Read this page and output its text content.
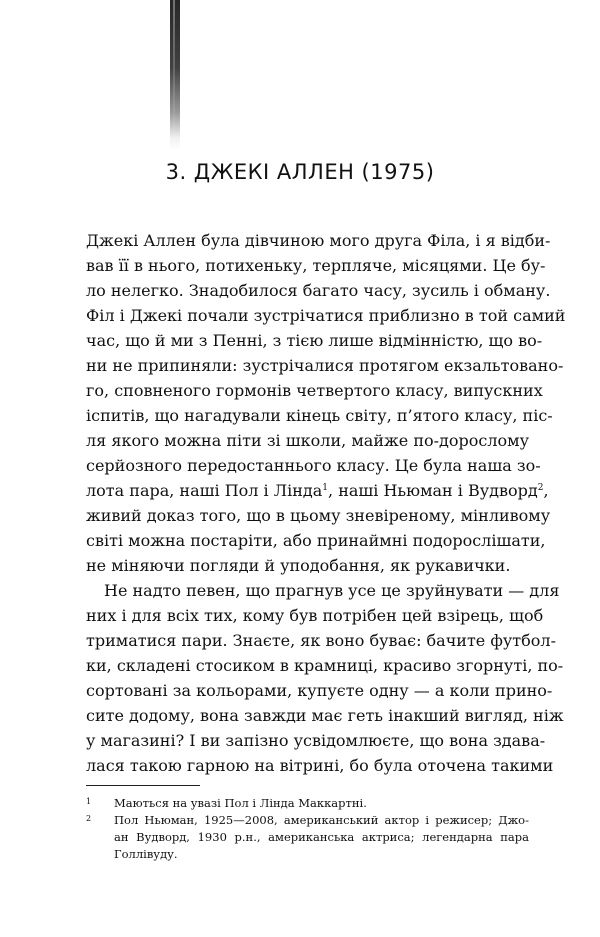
3. ДЖЕКІ АЛЛЕН (1975)
Джекі Аллен була дівчиною мого друга Філа, і я відби-
вав її в нього, потихеньку, терпляче, місяцями. Це бу-
ло нелегко. Знадобилося багато часу, зусиль і обману.
Філ і Джекі почали зустрічатися приблизно в той самий
час, що й ми з Пенні, з тією лише відмінністю, що во-
ни не припиняли: зустрічалися протягом екзальтовано-
го, сповненого гормонів четвертого класу, випускних
іспитів, що нагадували кінець світу, п’ятого класу, піс-
ля якого можна піти зі школи, майже по-дорослому
серйозного передостаннього класу. Це була наша зо-
лота пара, наші Пол і Лінда$^1$, наші Ньюман і Вудворд$^2$,
живий доказ того, що в цьому зневіреному, мінливому
світі можна постаріти, або принаймні подорослішати,
не міняючи погляди й уподобання, як рукавички.
Не надто певен, що прагнув усе це зруйнувати — для
них і для всіх тих, кому був потрібен цей взірець, щоб
триматися пари. Знаєте, як воно буває: бачите футбол-
ки, складені стосиком в крамниці, красиво згорнуті, по-
сортовані за кольорами, купуєте одну — а коли прино-
сите додому, вона завжди має геть інакший вигляд, ніж
у магазині? І ви запізно усвідомлюєте, що вона здава-
лася такою гарною на вітрині, бо була оточена такими
1 Маються на увазі Пол і Лінда Маккартні.
2 Пол Ньюман, 1925—2008, американський актор і режисер; Джо-
ан Вудворд, 1930 р.н., американська актриса; легендарна пара
Голлівуду.
